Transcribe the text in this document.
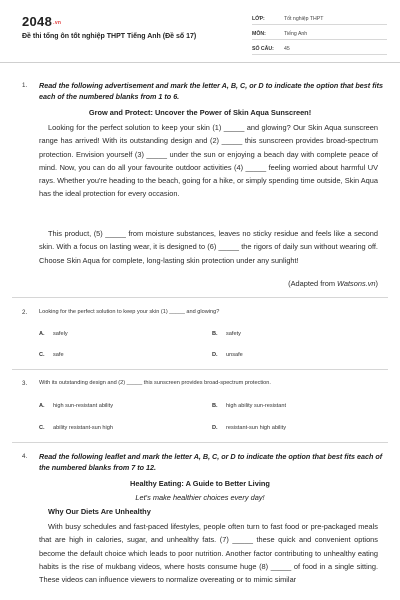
2048.vn
Đề thi tổng ôn tốt nghiệp THPT Tiếng Anh (Đề số 17)
LỚP:	Tốt nghiệp THPT
MÔN:	Tiếng Anh
SỐ CÂU: 45
1. Read the following advertisement and mark the letter A, B, C, or D to indicate the option that best fits each of the numbered blanks from 1 to 6.
Grow and Protect: Uncover the Power of Skin Aqua Sunscreen!
Looking for the perfect solution to keep your skin (1) _____ and glowing? Our Skin Aqua sunscreen range has arrived! With its outstanding design and (2) _____ this sunscreen provides broad-spectrum protection. Envision yourself (3) _____ under the sun or enjoying a beach day with complete peace of mind. Now, you can do all your favourite outdoor activities (4) _____ feeling worried about harmful UV rays. Whether you're heading to the beach, going for a hike, or simply spending time outside, Skin Aqua has the ideal protection for every occasion.
This product, (5) _____ from moisture substances, leaves no sticky residue and feels like a second skin. With a focus on lasting wear, it is designed to (6) _____ the rigors of daily sun without wearing off. Choose Skin Aqua for complete, long-lasting skin protection under any sunlight!
(Adapted from Watsons.vn)
2. Looking for the perfect solution to keep your skin (1) _____ and glowing?
A. safely	B. safety
C. safe	D. unsafe
3. With its outstanding design and (2) _____ this sunscreen provides broad-spectrum protection.
A. high sun-resistant ability	B. high ability sun-resistant
C. ability resistant-sun high	D. resistant-sun high ability
4. Read the following leaflet and mark the letter A, B, C, or D to indicate the option that best fits each of the numbered blanks from 7 to 12.
Healthy Eating: A Guide to Better Living
Let's make healthier choices every day!
Why Our Diets Are Unhealthy
With busy schedules and fast-paced lifestyles, people often turn to fast food or pre-packaged meals that are high in calories, sugar, and unhealthy fats. (7) _____ these quick and convenient options become the default choice which leads to poor nutrition. Another factor contributing to unhealthy eating habits is the rise of mukbang videos, where hosts consume huge (8) _____ of food in a single sitting. These videos can influence viewers to normalize overeating or to mimic similar
